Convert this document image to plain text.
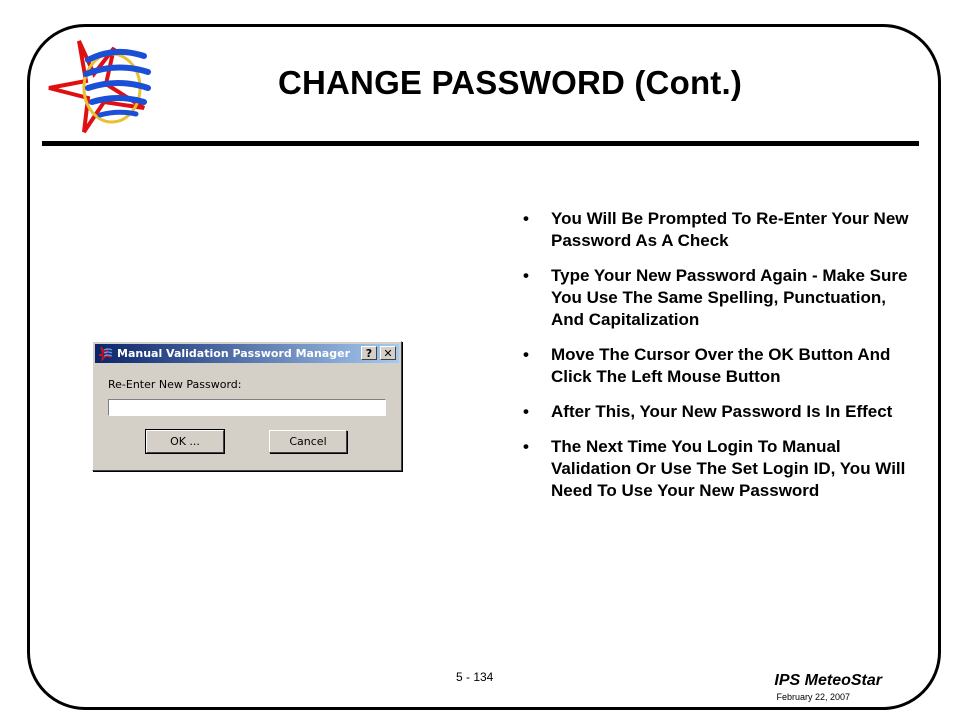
CHANGE PASSWORD (Cont.)
Manual Validation Password Manager	?	✕
Re-Enter New Password:
OK ...	Cancel
• You Will Be Prompted To Re-Enter Your New Password As A Check
• Type Your New Password Again - Make Sure You Use The Same Spelling, Punctuation, And Capitalization
• Move The Cursor Over the OK Button And Click The Left Mouse Button
• After This, Your New Password Is In Effect
• The Next Time You Login To Manual Validation Or Use The Set Login ID, You Will Need To Use Your New Password
5 - 134	IPS MeteoStar
February 22, 2007
